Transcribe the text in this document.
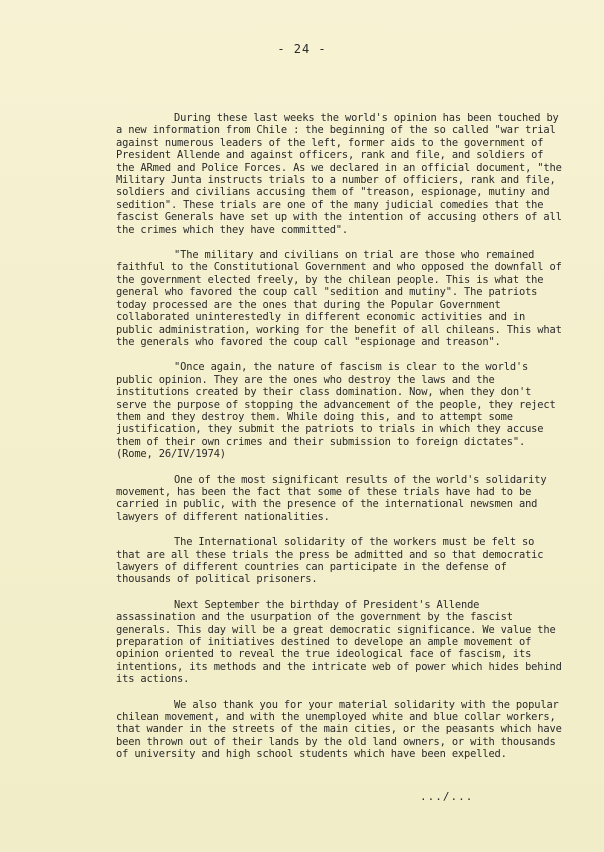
- 24 -

During these last weeks the world's opinion has been touched by a new information from Chile : the beginning of the so called "war trial against numerous leaders of the left, former aids to the government of President Allende and against officers, rank and file, and soldiers of the ARmed and Police Forces. As we declared in an official document, "the Military Junta instructs trials to a number of officiers, rank and file, soldiers and civilians accusing them of "treason, espionage, mutiny and sedition". These trials are one of the many judicial comedies that the fascist Generals have set up with the intention of accusing others of all the crimes which they have committed".

"The military and civilians on trial are those who remained faithful to the Constitutional Government and who opposed the downfall of the government elected freely, by the chilean people. This is what the general who favored the coup call "sedition and mutiny". The patriots today processed are the ones that during the Popular Government collaborated uninterestedly in different economic activities and in public administration, working for the benefit of all chileans. This what the generals who favored the coup call "espionage and treason".

"Once again, the nature of fascism is clear to the world's public opinion. They are the ones who destroy the laws and the institutions created by their class domination. Now, when they don't serve the purpose of stopping the advancement of the people, they reject them and they destroy them. While doing this, and to attempt some justification, they submit the patriots to trials in which they accuse them of their own crimes and their submission to foreign dictates". (Rome, 26/IV/1974)

One of the most significant results of the world's solidarity movement, has been the fact that some of these trials have had to be carried in public, with the presence of the international newsmen and lawyers of different nationalities.

The International solidarity of the workers must be felt so that are all these trials the press be admitted and so that democratic lawyers of different countries can participate in the defense of thousands of political prisoners.

Next September the birthday of President's Allende assassination and the usurpation of the government by the fascist generals. This day will be a great democratic significance. We value the preparation of initiatives destined to develope an ample movement of opinion oriented to reveal the true ideological face of fascism, its intentions, its methods and the intricate web of power which hides behind its actions.

We also thank you for your material solidarity with the popular chilean movement, and with the unemployed white and blue collar workers, that wander in the streets of the main cities, or the peasants which have been thrown out of their lands by the old land owners, or with thousands of university and high school students which have been expelled.

.../...
